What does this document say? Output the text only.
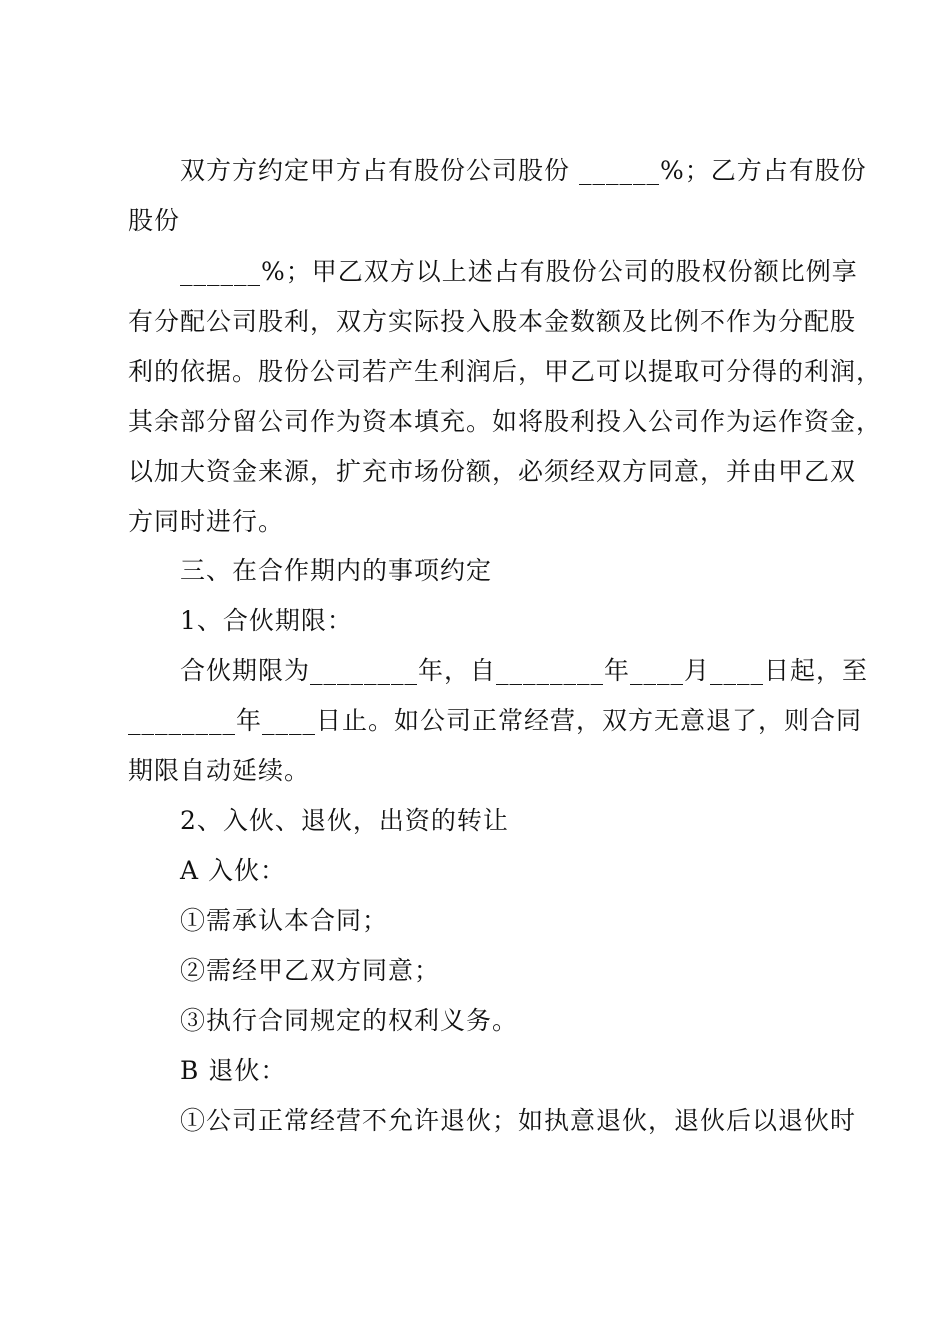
双方方约定甲方占有股份公司股份 ______%；乙方占有股份
股份
______%；甲乙双方以上述占有股份公司的股权份额比例享
有分配公司股利，双方实际投入股本金数额及比例不作为分配股
利的依据。股份公司若产生利润后，甲乙可以提取可分得的利润，
其余部分留公司作为资本填充。如将股利投入公司作为运作资金，
以加大资金来源，扩充市场份额，必须经双方同意，并由甲乙双
方同时进行。
三、在合作期内的事项约定
1、合伙期限：
合伙期限为________年，自________年____月____日起，至
________年____日止。如公司正常经营，双方无意退了，则合同
期限自动延续。
2、入伙、退伙，出资的转让
A 入伙：
①需承认本合同；
②需经甲乙双方同意；
③执行合同规定的权利义务。
B 退伙：
①公司正常经营不允许退伙；如执意退伙，退伙后以退伙时
